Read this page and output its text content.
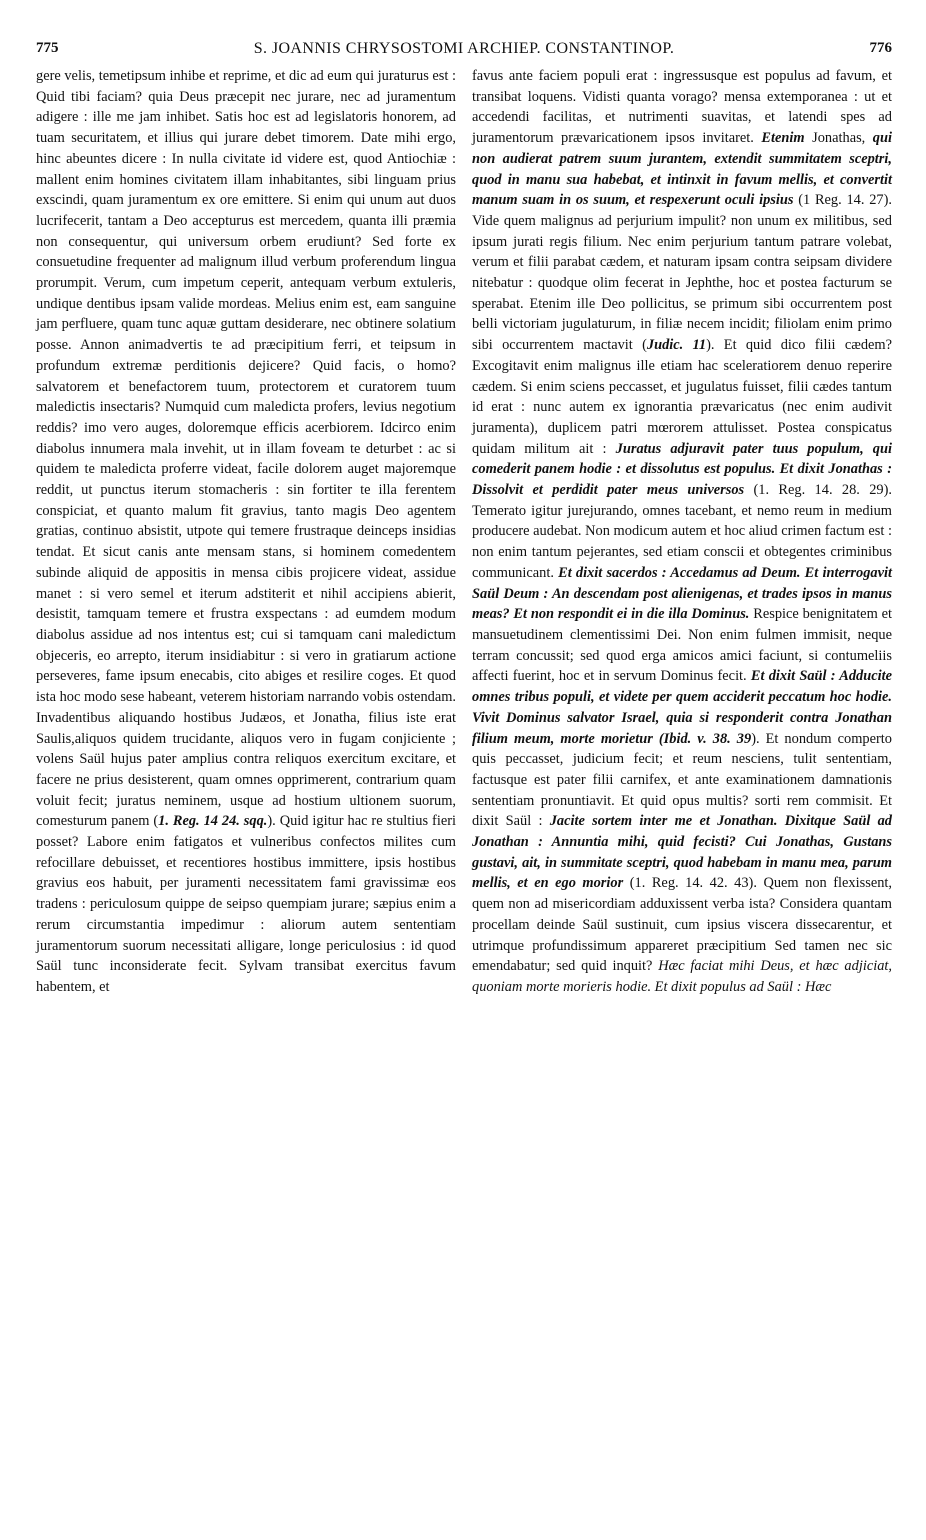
775	S. JOANNIS CHRYSOSTOMI ARCHIEP. CONSTANTINOP.	776

gere velis, temetipsum inhibe et reprime, et dic ad eum qui juraturus est : Quid tibi faciam? quia Deus præcepit nec jurare, nec ad juramentum adigere : ille me jam inhibet. Satis hoc est ad legislatoris honorem, ad tuam securitatem, et illius qui jurare debet timorem. Date mihi ergo, hinc abeuntes dicere : In nulla civitate id videre est, quod Antiochiæ : mallent enim homines civitatem illam inhabitantes, sibi linguam prius exscindi, quam juramentum ex ore emittere. Si enim qui unum aut duos lucrifecerit, tantam a Deo accepturus est mercedem, quanta illi præmia non consequentur, qui universum orbem erudiunt? Sed forte ex consuetudine frequenter ad malignum illud verbum proferendum lingua prorumpit. Verum, cum impetum ceperit, antequam verbum extuleris, undique dentibus ipsam valide mordeas. Melius enim est, eam sanguine jam perfluere, quam tunc aquæ guttam desiderare, nec obtinere solatium posse. Annon animadvertis te ad præcipitium ferri, et teipsum in profundum extremæ perditionis dejicere? Quid facis, o homo? salvatorem et benefactorem tuum, protectorem et curatorem tuum maledictis insectaris? Numquid cum maledicta profers, levius negotium reddis? imo vero auges, doloremque efficis acerbiorem. Idcirco enim diabolus innumera mala invehit, ut in illam foveam te deturbet : ac si quidem te maledicta proferre videat, facile dolorem auget majoremque reddit, ut punctus iterum stomacheris : sin fortiter te illa ferentem conspiciat, et quanto malum fit gravius, tanto magis Deo agentem gratias, continuo absistit, utpote qui temere frustraque deinceps insidias tendat. Et sicut canis ante mensam stans, si hominem comedentem subinde aliquid de appositis in mensa cibis projicere videat, assidue manet : si vero semel et iterum adstiterit et nihil accipiens abierit, desistit, tamquam temere et frustra exspectans : ad eumdem modum diabolus assidue ad nos intentus est; cui si tamquam cani maledictum objeceris, eo arrepto, iterum insidiabitur : si vero in gratiarum actione perseveres, fame ipsum enecabis, cito abiges et resilire coges. Et quod ista hoc modo sese habeant, veterem historiam narrando vobis ostendam. Invadentibus aliquando hostibus Judæos, et Jonatha, filius iste erat Saulis,aliquos quidem trucidante, aliquos vero in fugam conjiciente ; volens Saül hujus pater amplius contra reliquos exercitum excitare, et facere ne prius desisterent, quam omnes opprimerent, contrarium quam voluit fecit; juratus neminem, usque ad hostium ultionem suorum, comesturum panem (1. Reg. 14 24. sqq.). Quid igitur hac re stultius fieri posset? Labore enim fatigatos et vulneribus confectos milites cum refocillare debuisset, et recentiores hostibus immittere, ipsis hostibus gravius eos habuit, per juramenti necessitatem fami gravissimæ eos tradens : periculosum quippe de seipso quempiam jurare; sæpius enim a rerum circumstantia impedimur : aliorum autem sententiam juramentorum suorum necessitati alligare, longe periculosius : id quod Saül tunc inconsiderate fecit. Sylvam transibat exercitus favum habentem, et

favus ante faciem populi erat : ingressusque est populus ad favum, et transibat loquens. Vidisti quanta vorago? mensa extemporanea : ut et accedendi facilitas, et nutrimenti suavitas, et latendi spes ad juramentorum prævaricationem ipsos invitaret. Etenim Jonathas, qui non audierat patrem suum jurantem, extendit summitatem sceptri, quod in manu sua habebat, et intinxit in favum mellis, et convertit manum suam in os suum, et respexerunt oculi ipsius (1 Reg. 14. 27). Vide quem malignus ad perjurium impulit? non unum ex militibus, sed ipsum jurati regis filium. Nec enim perjurium tantum patrare volebat, verum et filii parabat cædem, et naturam ipsam contra seipsam dividere nitebatur : quodque olim fecerat in Jephthe, hoc et postea facturum se sperabat. Etenim ille Deo pollicitus, se primum sibi occurrentem post belli victoriam jugulaturum, in filiæ necem incidit; filiolam enim primo sibi occurrentem mactavit (Judic. 11). Et quid dico filii cædem? Excogitavit enim malignus ille etiam hac sceleratiorem denuo reperire cædem. Si enim sciens peccasset, et jugulatus fuisset, filii cædes tantum id erat : nunc autem ex ignorantia prævaricatus (nec enim audivit juramenta), duplicem patri mœrorem attulisset. Postea conspicatus quidam militum ait : Juratus adjuravit pater tuus populum, qui comederit panem hodie : et dissolutus est populus. Et dixit Jonathas : Dissolvit et perdidit pater meus universos (1. Reg. 14. 28. 29). Temerato igitur jurejurando, omnes tacebant, et nemo reum in medium producere audebat. Non modicum autem et hoc aliud crimen factum est : non enim tantum pejerantes, sed etiam conscii et obtegentes criminibus communicant. Et dixit sacerdos : Accedamus ad Deum. Et interrogavit Saül Deum : An descendam post alienigenas, et trades ipsos in manus meas? Et non respondit ei in die illa Dominus. Respice benignitatem et mansuetudinem clementissimi Dei. Non enim fulmen immisit, neque terram concussit; sed quod erga amicos amici faciunt, si contumeliis affecti fuerint, hoc et in servum Dominus fecit. Et dixit Saül : Adducite omnes tribus populi, et videte per quem acciderit peccatum hoc hodie. Vivit Dominus salvator Israel, quia si responderit contra Jonathan filium meum, morte morietur (Ibid. v. 38. 39). Et nondum comperto quis peccasset, judicium fecit; et reum nesciens, tulit sententiam, factusque est pater filii carnifex, et ante examinationem damnationis sententiam pronuntiavit. Et quid opus multis? sorti rem commisit. Et dixit Saül : Jacite sortem inter me et Jonathan. Dixitque Saül ad Jonathan : Annuntia mihi, quid fecisti? Cui Jonathas, Gustans gustavi, ait, in summitate sceptri, quod habebam in manu mea, parum mellis, et en ego morior (1. Reg. 14. 42. 43). Quem non flexissent, quem non ad misericordiam adduxissent verba ista? Considera quantam procellam deinde Saül sustinuit, cum ipsius viscera dissecarentur, et utrimque profundissimum appareret præcipitium Sed tamen nec sic emendabatur; sed quid inquit? Hæc faciat mihi Deus, et hæc adjiciat, quoniam morte morieris hodie. Et dixit populus ad Saül : Hæc
